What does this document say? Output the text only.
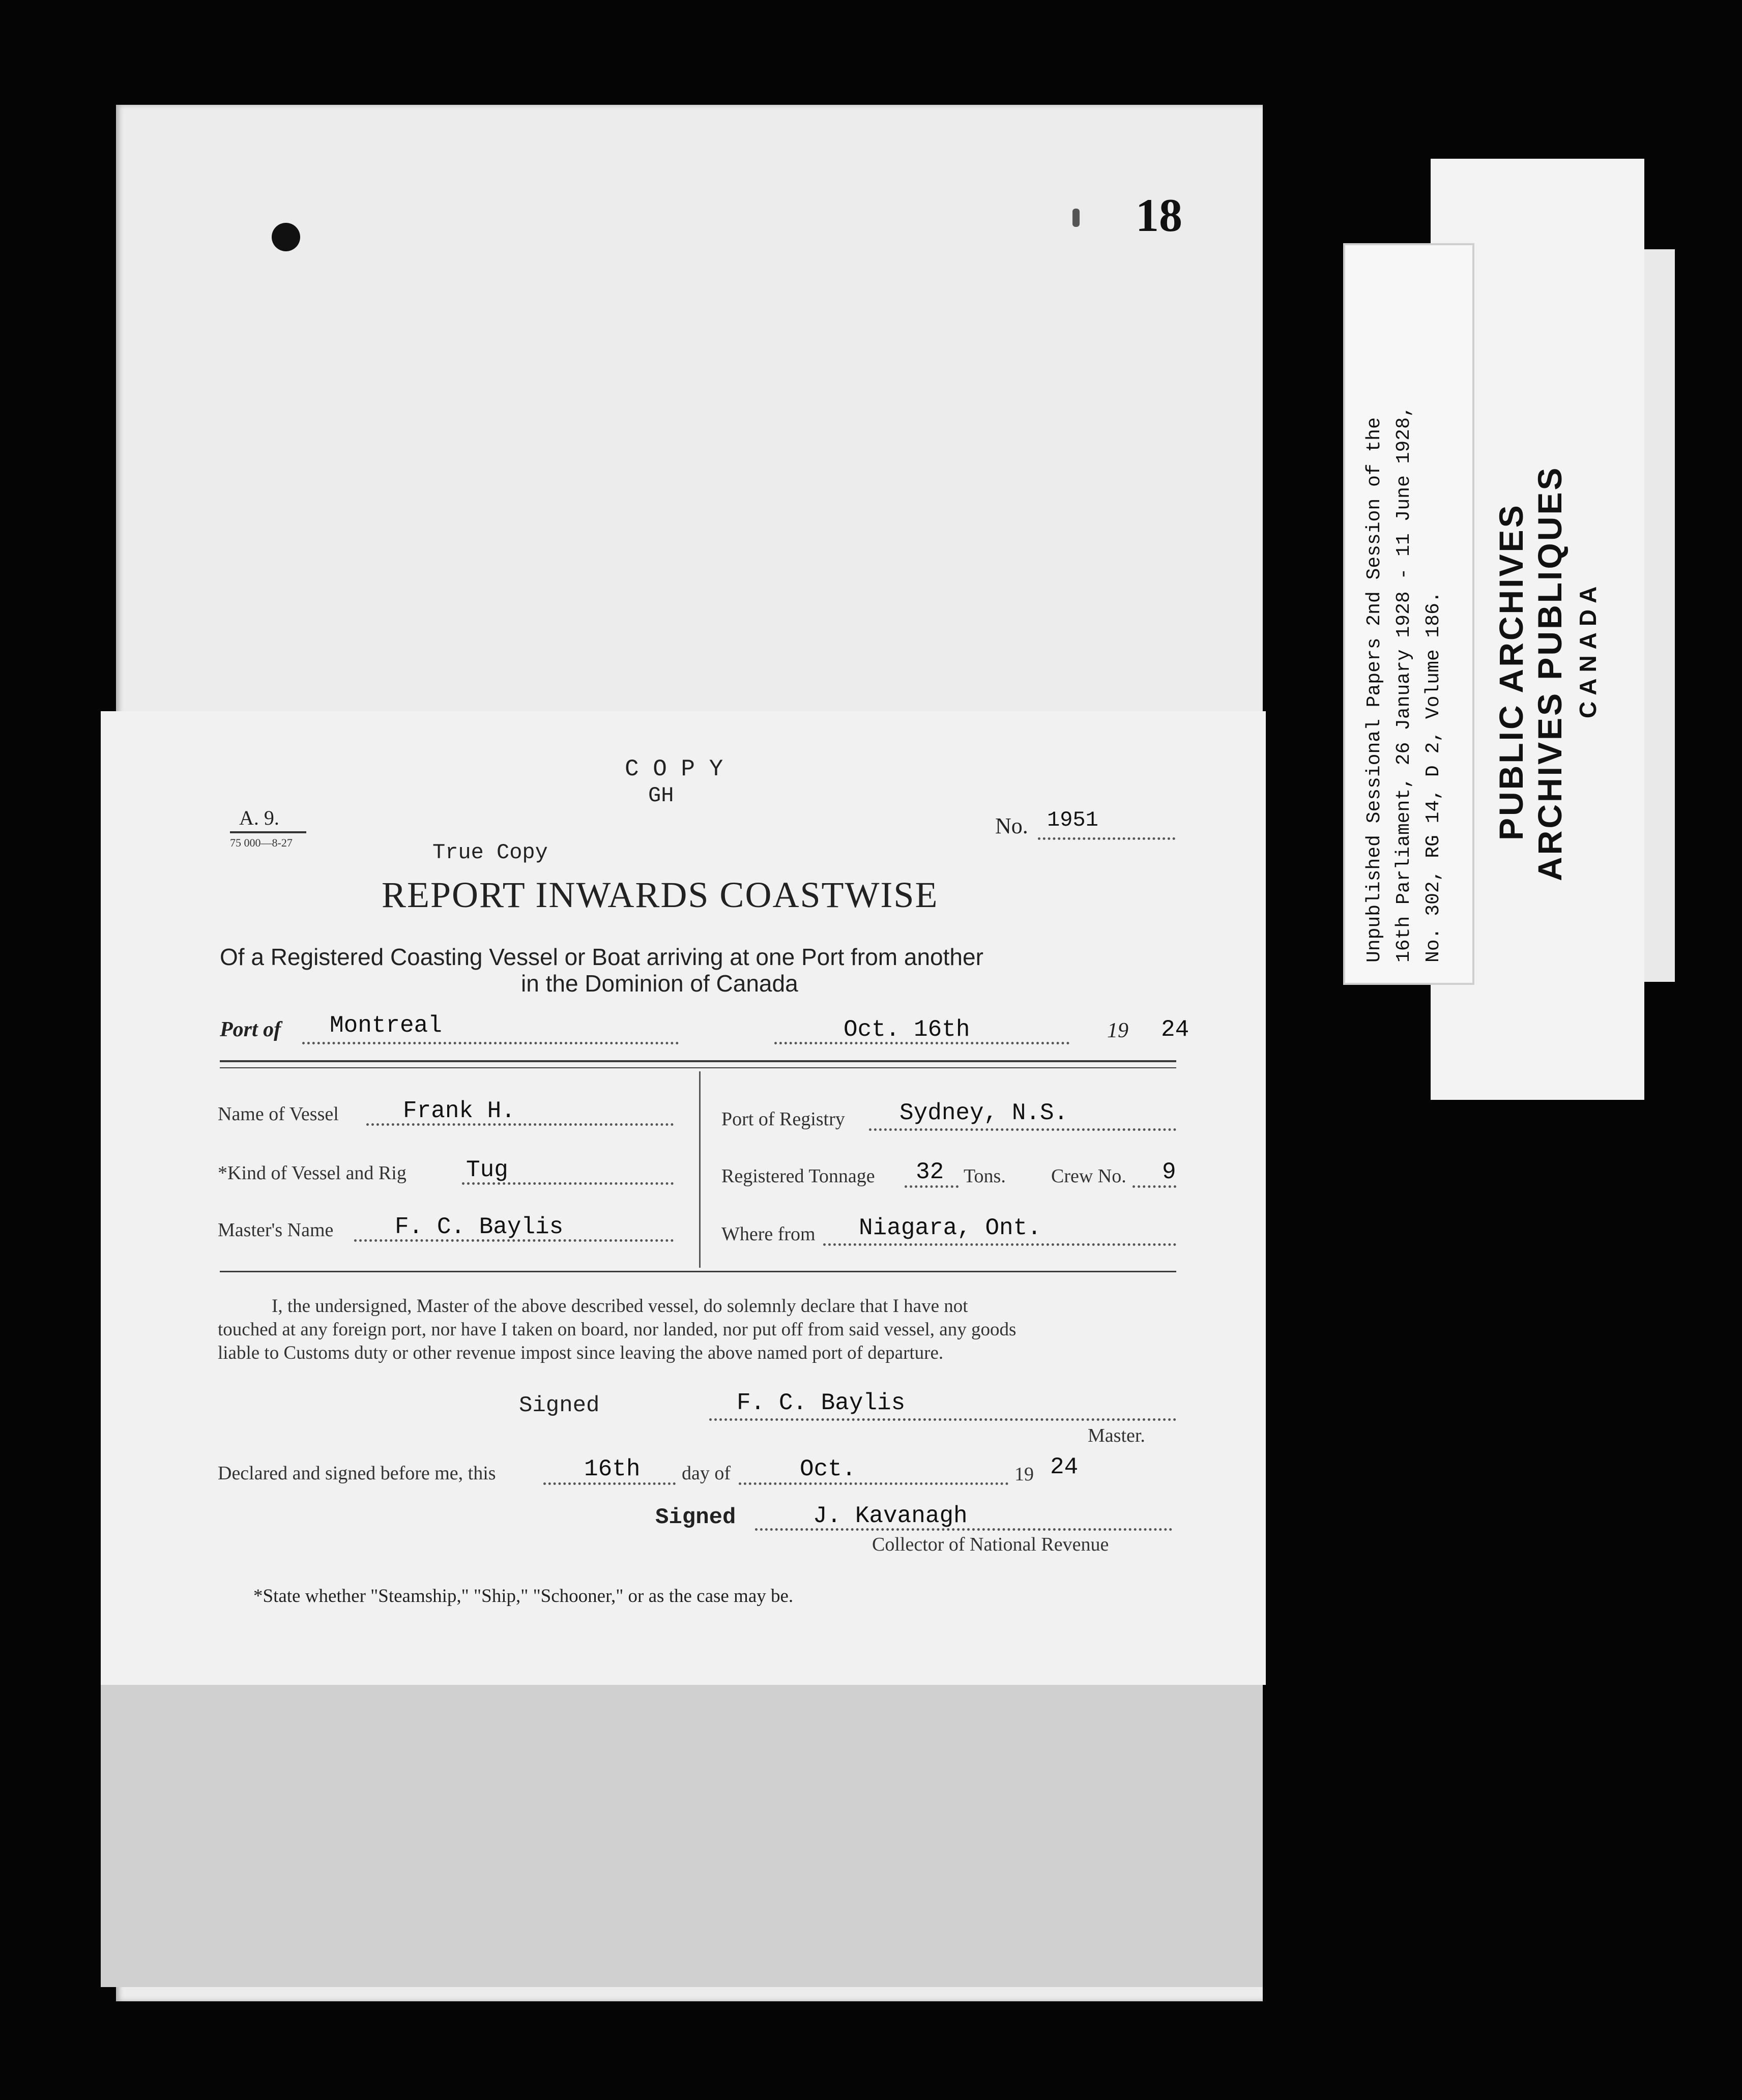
18
C O P Y
GH
A. 9.
75 000—8-27
No. 1951
True Copy
REPORT INWARDS COASTWISE
Of a Registered Coasting Vessel or Boat arriving at one Port from another
in the Dominion of Canada
Port of Montreal	Oct. 16th	19 24
Name of Vessel	Frank H.
*Kind of Vessel and Rig	Tug
Master's Name	F. C. Baylis
Port of Registry Sydney, N.S.
Registered Tonnage 32 Tons. Crew No. 9
Where from Niagara, Ont.
I, the undersigned, Master of the above described vessel, do solemnly declare that I have not
touched at any foreign port, nor have I taken on board, nor landed, nor put off from said vessel, any goods
liable to Customs duty or other revenue impost since leaving the above named port of departure.
Signed	F. C. Baylis
Master.
Declared and signed before me, this	16th day of	Oct.	19 24
Signed	J. Kavanagh
Collector of National Revenue
*State whether "Steamship," "Ship," "Schooner," or as the case may be.
PUBLIC ARCHIVES ARCHIVES PUBLIQUES CANADA
Unpublished Sessional Papers 2nd Session of the 16th Parliament, 26 January 1928 - 11 June 1928, No. 302, RG 14, D 2, Volume 186.
